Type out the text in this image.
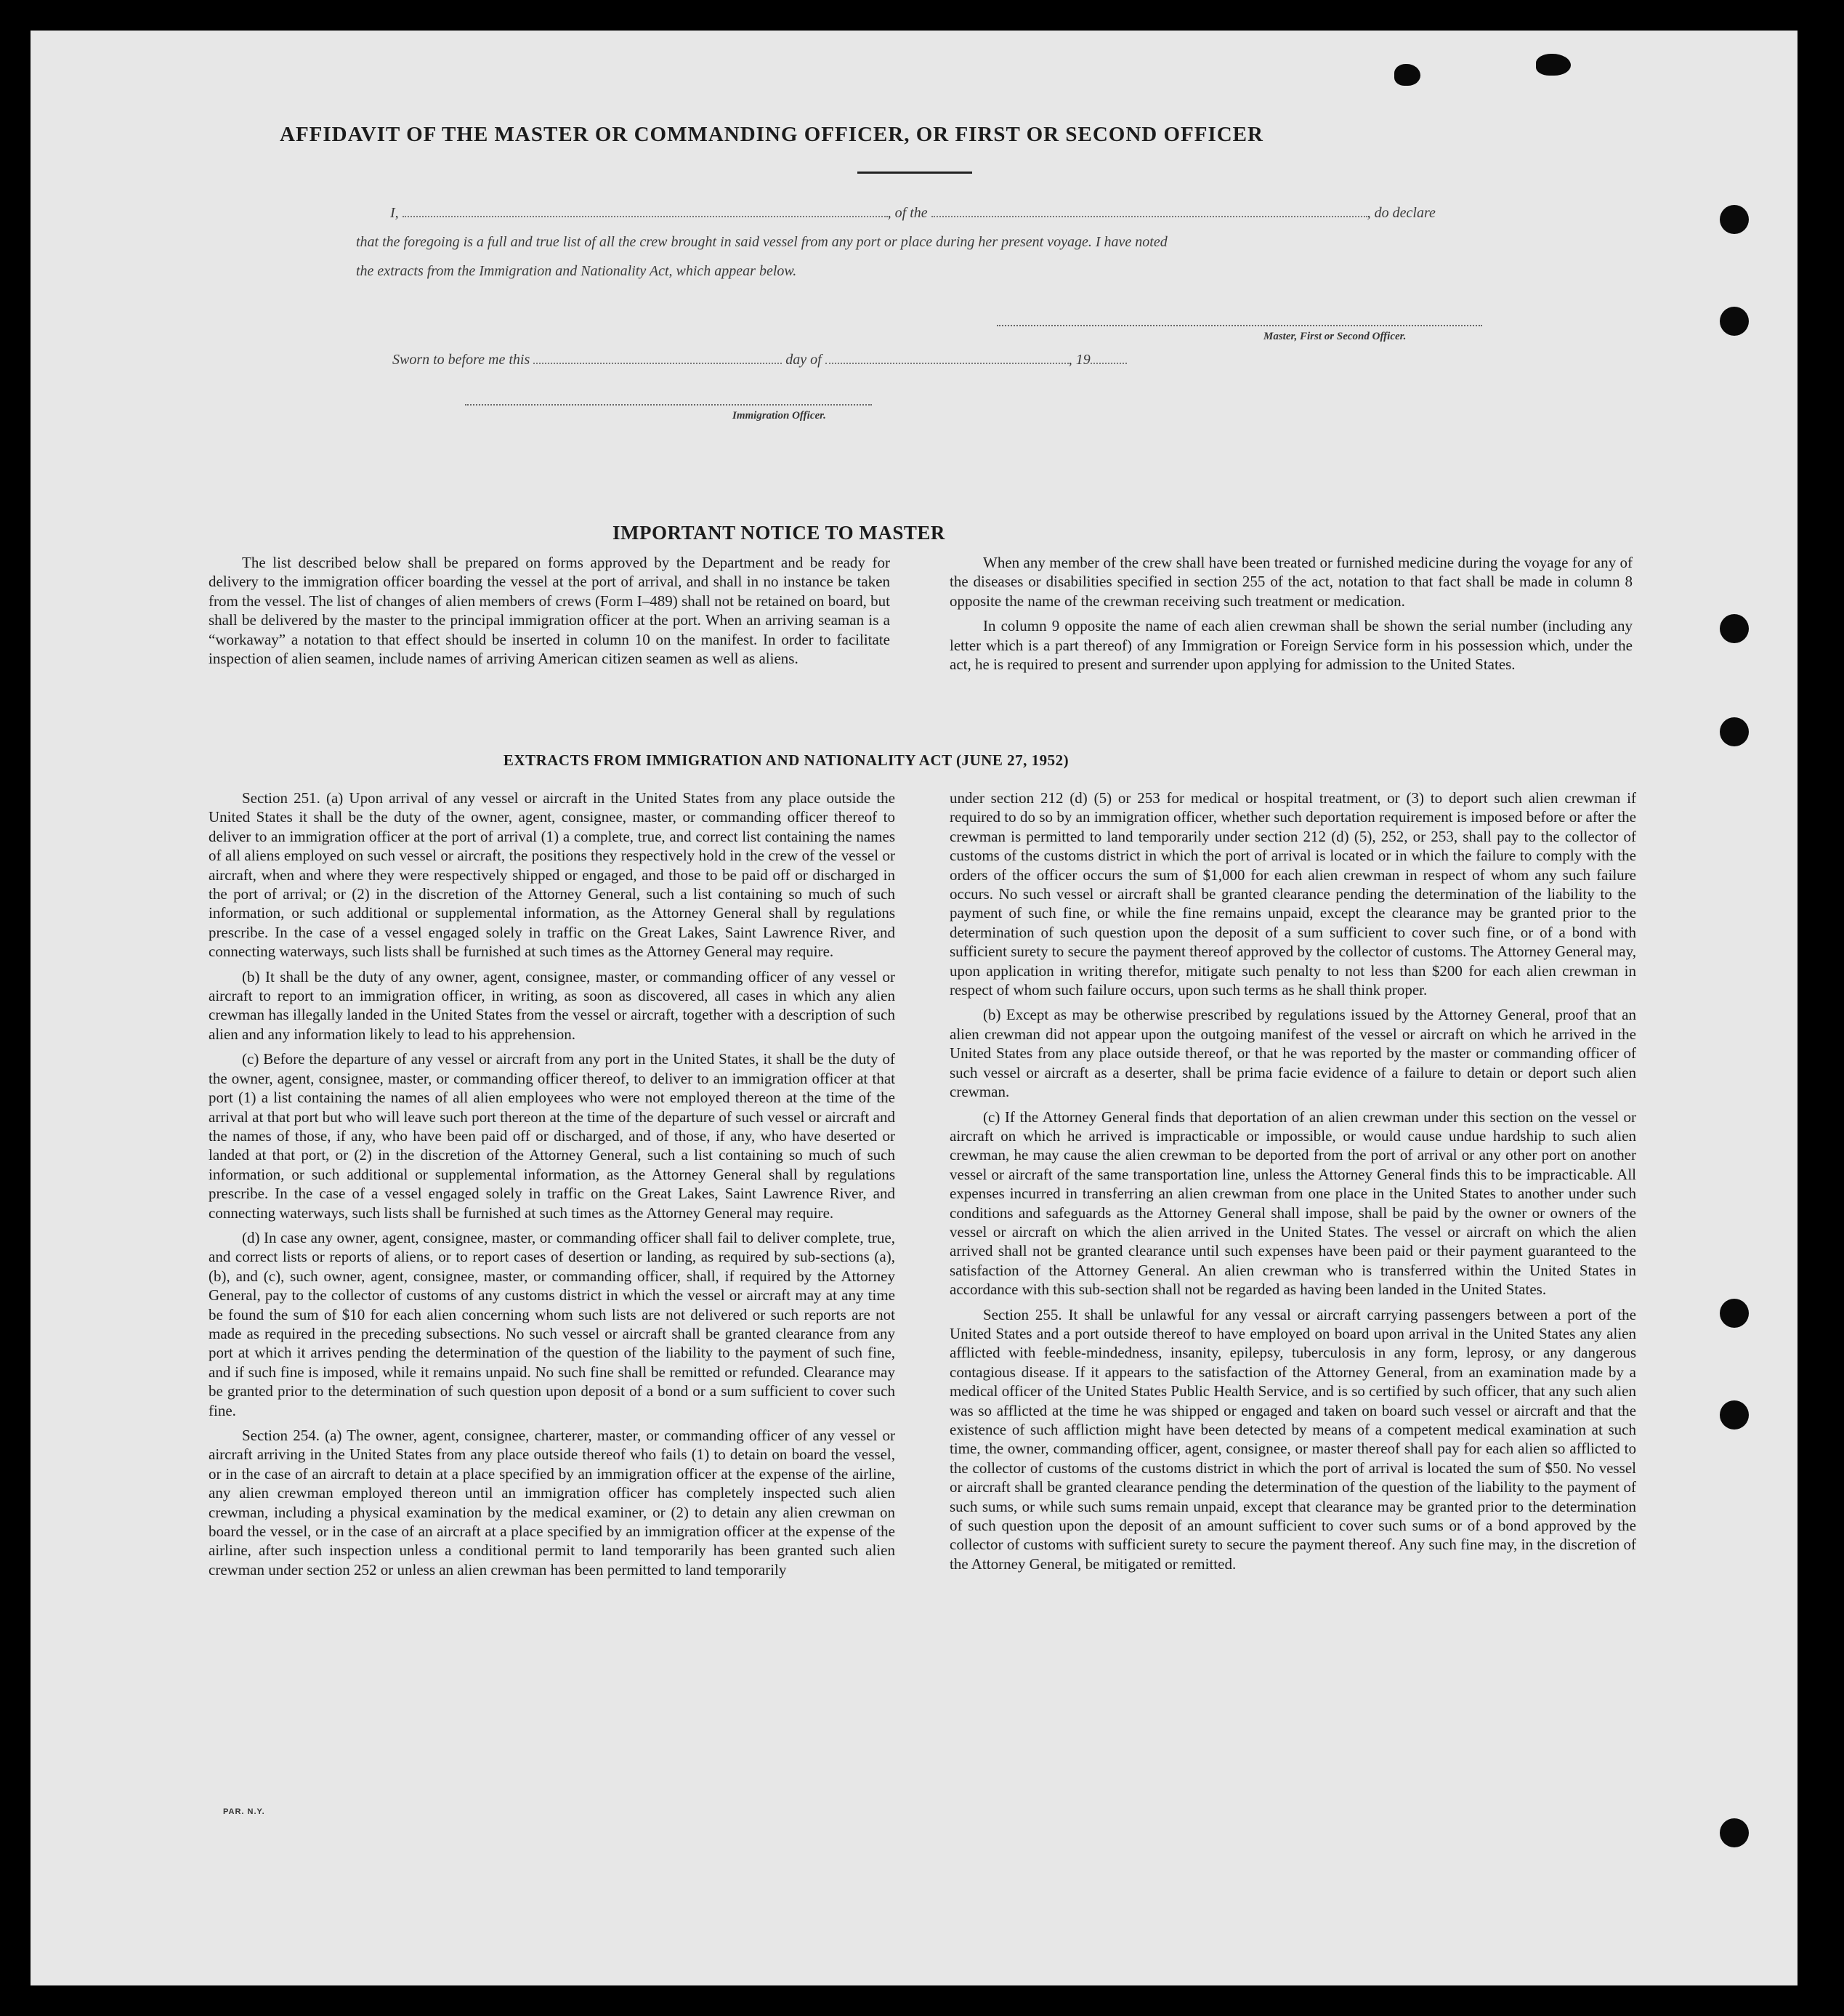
AFFIDAVIT OF THE MASTER OR COMMANDING OFFICER, OR FIRST OR SECOND OFFICER
I,	, of the	, do declare
that the foregoing is a full and true list of all the crew brought in said vessel from any port or place during her present voyage. I have noted
the extracts from the Immigration and Nationality Act, which appear below.
Master, First or Second Officer.
Sworn to before me this	day of	, 19
Immigration Officer.
IMPORTANT NOTICE TO MASTER

The list described below shall be prepared on forms approved by the Department and be ready for delivery to the immigration officer boarding the vessel at the port of arrival, and shall in no instance be taken from the vessel. The list of changes of alien members of crews (Form I–489) shall not be retained on board, but shall be delivered by the master to the principal immigration officer at the port. When an arriving seaman is a “workaway” a notation to that effect should be inserted in column 10 on the manifest. In order to facilitate inspection of alien seamen, include names of arriving American citizen seamen as well as aliens.

When any member of the crew shall have been treated or furnished medicine during the voyage for any of the diseases or disabilities specified in section 255 of the act, notation to that fact shall be made in column 8 opposite the name of the crewman receiving such treatment or medication.

In column 9 opposite the name of each alien crewman shall be shown the serial number (including any letter which is a part thereof) of any Immigration or Foreign Service form in his possession which, under the act, he is required to present and surrender upon applying for admission to the United States.

EXTRACTS FROM IMMIGRATION AND NATIONALITY ACT (JUNE 27, 1952)

Section 251. (a) Upon arrival of any vessel or aircraft in the United States from any place outside the United States it shall be the duty of the owner, agent, consignee, master, or commanding officer thereof to deliver to an immigration officer at the port of arrival (1) a complete, true, and correct list containing the names of all aliens employed on such vessel or aircraft, the positions they respectively hold in the crew of the vessel or aircraft, when and where they were respectively shipped or engaged, and those to be paid off or discharged in the port of arrival; or (2) in the discretion of the Attorney General, such a list containing so much of such information, or such additional or supplemental information, as the Attorney General shall by regulations prescribe. In the case of a vessel engaged solely in traffic on the Great Lakes, Saint Lawrence River, and connecting waterways, such lists shall be furnished at such times as the Attorney General may require.

(b) It shall be the duty of any owner, agent, consignee, master, or commanding officer of any vessel or aircraft to report to an immigration officer, in writing, as soon as discovered, all cases in which any alien crewman has illegally landed in the United States from the vessel or aircraft, together with a description of such alien and any information likely to lead to his apprehension.

(c) Before the departure of any vessel or aircraft from any port in the United States, it shall be the duty of the owner, agent, consignee, master, or commanding officer thereof, to deliver to an immigration officer at that port (1) a list containing the names of all alien employees who were not employed thereon at the time of the arrival at that port but who will leave such port thereon at the time of the departure of such vessel or aircraft and the names of those, if any, who have been paid off or discharged, and of those, if any, who have deserted or landed at that port, or (2) in the discretion of the Attorney General, such a list containing so much of such information, or such additional or supplemental information, as the Attorney General shall by regulations prescribe. In the case of a vessel engaged solely in traffic on the Great Lakes, Saint Lawrence River, and connecting waterways, such lists shall be furnished at such times as the Attorney General may require.

(d) In case any owner, agent, consignee, master, or commanding officer shall fail to deliver complete, true, and correct lists or reports of aliens, or to report cases of desertion or landing, as required by sub-sections (a), (b), and (c), such owner, agent, consignee, master, or commanding officer, shall, if required by the Attorney General, pay to the collector of customs of any customs district in which the vessel or aircraft may at any time be found the sum of $10 for each alien concerning whom such lists are not delivered or such reports are not made as required in the preceding subsections. No such vessel or aircraft shall be granted clearance from any port at which it arrives pending the determination of the question of the liability to the payment of such fine, and if such fine is imposed, while it remains unpaid. No such fine shall be remitted or refunded. Clearance may be granted prior to the determination of such question upon deposit of a bond or a sum sufficient to cover such fine.

Section 254. (a) The owner, agent, consignee, charterer, master, or commanding officer of any vessel or aircraft arriving in the United States from any place outside thereof who fails (1) to detain on board the vessel, or in the case of an aircraft to detain at a place specified by an immigration officer at the expense of the airline, any alien crewman employed thereon until an immigration officer has completely inspected such alien crewman, including a physical examination by the medical examiner, or (2) to detain any alien crewman on board the vessel, or in the case of an aircraft at a place specified by an immigration officer at the expense of the airline, after such inspection unless a conditional permit to land temporarily has been granted such alien crewman under section 252 or unless an alien crewman has been permitted to land temporarily

under section 212 (d) (5) or 253 for medical or hospital treatment, or (3) to deport such alien crewman if required to do so by an immigration officer, whether such deportation requirement is imposed before or after the crewman is permitted to land temporarily under section 212 (d) (5), 252, or 253, shall pay to the collector of customs of the customs district in which the port of arrival is located or in which the failure to comply with the orders of the officer occurs the sum of $1,000 for each alien crewman in respect of whom any such failure occurs. No such vessel or aircraft shall be granted clearance pending the determination of the liability to the payment of such fine, or while the fine remains unpaid, except the clearance may be granted prior to the determination of such question upon the deposit of a sum sufficient to cover such fine, or of a bond with sufficient surety to secure the payment thereof approved by the collector of customs. The Attorney General may, upon application in writing therefor, mitigate such penalty to not less than $200 for each alien crewman in respect of whom such failure occurs, upon such terms as he shall think proper.

(b) Except as may be otherwise prescribed by regulations issued by the Attorney General, proof that an alien crewman did not appear upon the outgoing manifest of the vessel or aircraft on which he arrived in the United States from any place outside thereof, or that he was reported by the master or commanding officer of such vessel or aircraft as a deserter, shall be prima facie evidence of a failure to detain or deport such alien crewman.

(c) If the Attorney General finds that deportation of an alien crewman under this section on the vessel or aircraft on which he arrived is impracticable or impossible, or would cause undue hardship to such alien crewman, he may cause the alien crewman to be deported from the port of arrival or any other port on another vessel or aircraft of the same transportation line, unless the Attorney General finds this to be impracticable. All expenses incurred in transferring an alien crewman from one place in the United States to another under such conditions and safeguards as the Attorney General shall impose, shall be paid by the owner or owners of the vessel or aircraft on which the alien arrived in the United States. The vessel or aircraft on which the alien arrived shall not be granted clearance until such expenses have been paid or their payment guaranteed to the satisfaction of the Attorney General. An alien crewman who is transferred within the United States in accordance with this sub-section shall not be regarded as having been landed in the United States.

Section 255. It shall be unlawful for any vessal or aircraft carrying passengers between a port of the United States and a port outside thereof to have employed on board upon arrival in the United States any alien afflicted with feeble-mindedness, insanity, epilepsy, tuberculosis in any form, leprosy, or any dangerous contagious disease. If it appears to the satisfaction of the Attorney General, from an examination made by a medical officer of the United States Public Health Service, and is so certified by such officer, that any such alien was so afflicted at the time he was shipped or engaged and taken on board such vessel or aircraft and that the existence of such affliction might have been detected by means of a competent medical examination at such time, the owner, commanding officer, agent, consignee, or master thereof shall pay for each alien so afflicted to the collector of customs of the customs district in which the port of arrival is located the sum of $50. No vessel or aircraft shall be granted clearance pending the determination of the question of the liability to the payment of such sums, or while such sums remain unpaid, except that clearance may be granted prior to the determination of such question upon the deposit of an amount sufficient to cover such sums or of a bond approved by the collector of customs with sufficient surety to secure the payment thereof. Any such fine may, in the discretion of the Attorney General, be mitigated or remitted.

PAR. N.Y.
